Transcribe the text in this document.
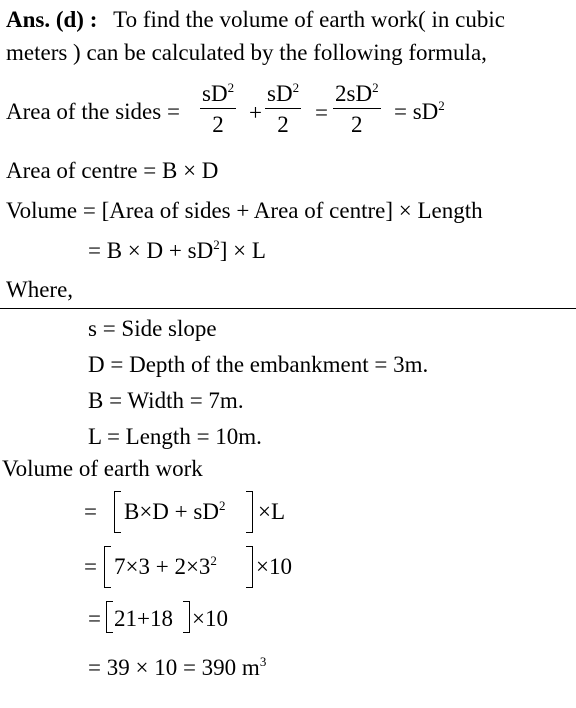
Ans. (d) : To find the volume of earth work( in cubic
meters ) can be calculated by the following formula,
Area of the sides =
$sD^2$
2	+
$sD^2$
2	=
$2sD^2$
2
= $sD^2$
Area of centre = B × D
Volume = [Area of sides + Area of centre] × Length
= $B \times D + sD^2] \times L$
Where,
s = Side slope
D = Depth of the embankment = 3m.
B = Width = 7m.
L = Length = 10m.
Volume of earth work
= $B\times D + sD^2 \times L$
= $7\times 3 + 2\times 3^2 \times 10$
= 21+18 ×10
= 39 × 10 = 390 $m^3$
